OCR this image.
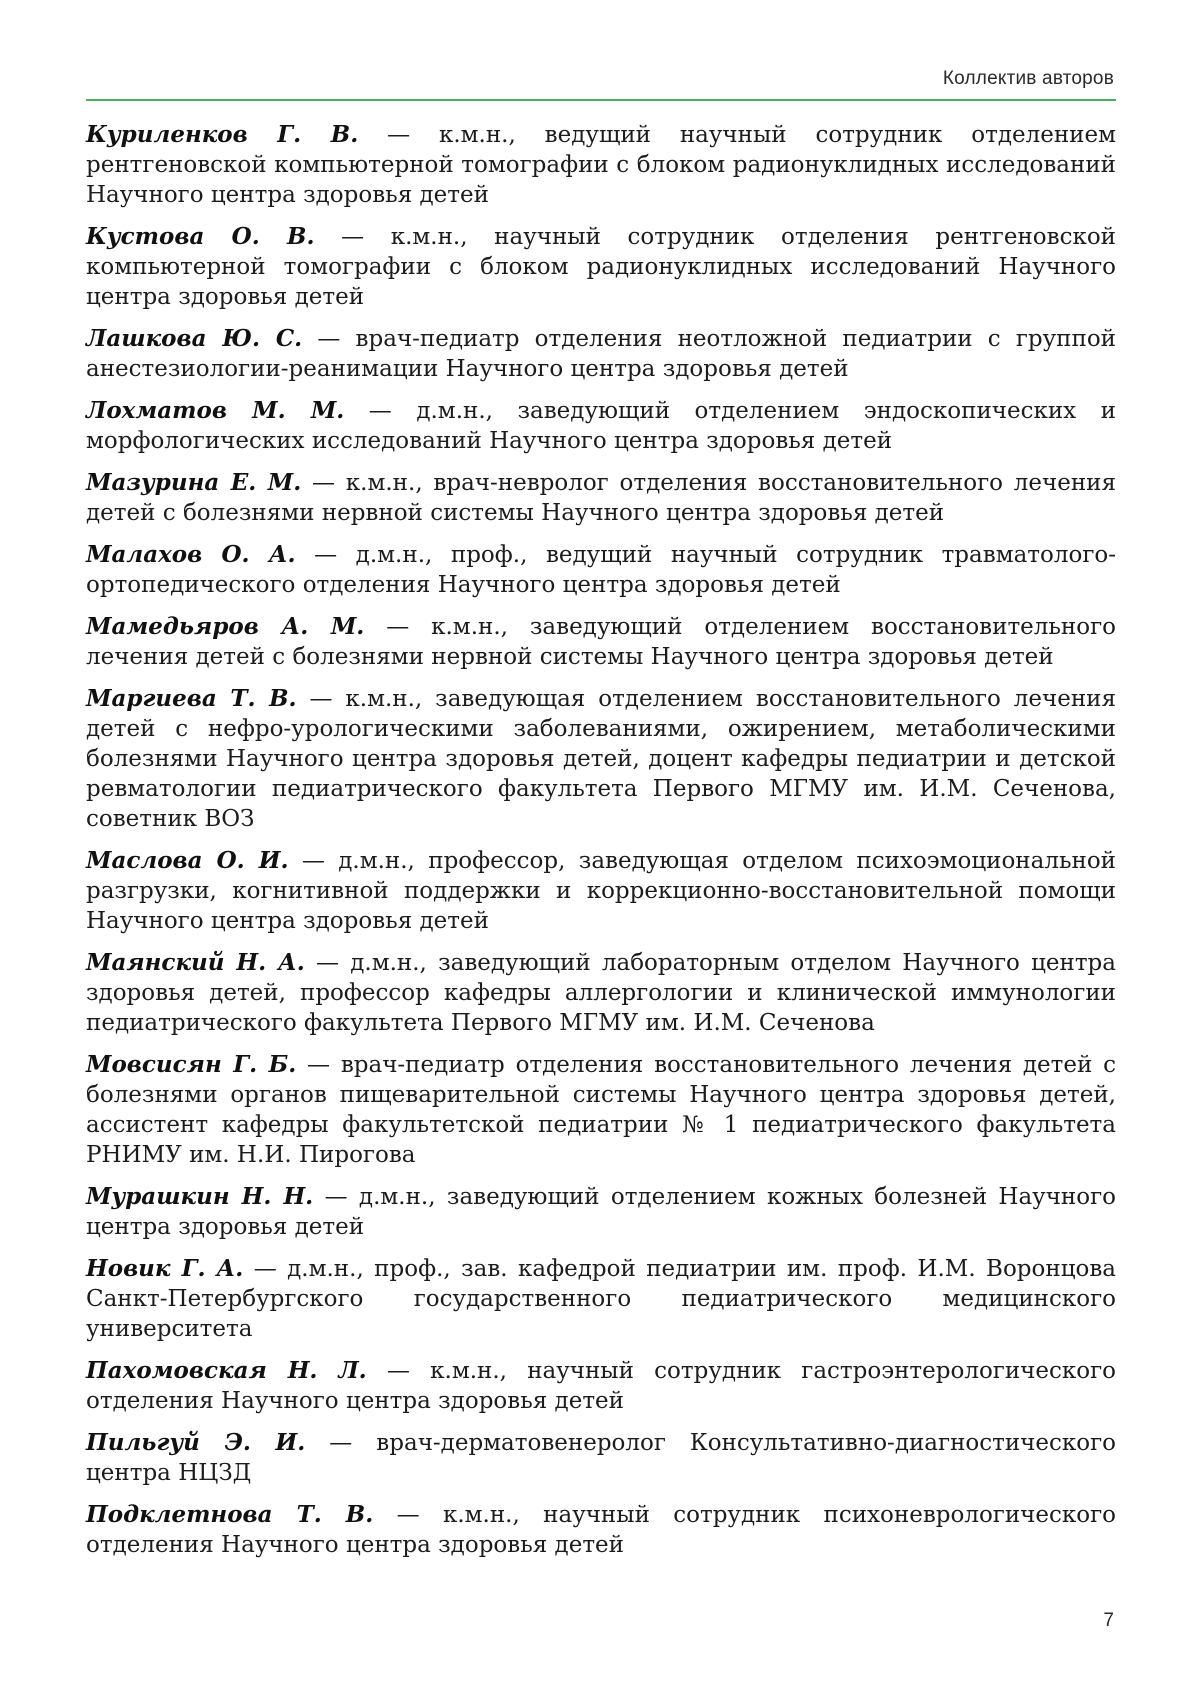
Коллектив авторов

Куриленков Г. В. — к.м.н., ведущий научный сотрудник отделением рентгеновской компьютерной томографии с блоком радионуклидных исследований Научного центра здоровья детей

Кустова О. В. — к.м.н., научный сотрудник отделения рентгеновской компьютерной томографии с блоком радионуклидных исследований Научного центра здоровья детей

Лашкова Ю. С. — врач-педиатр отделения неотложной педиатрии с группой анестезиологии-реанимации Научного центра здоровья детей

Лохматов М. М. — д.м.н., заведующий отделением эндоскопических и морфологических исследований Научного центра здоровья детей

Мазурина Е. М. — к.м.н., врач-невролог отделения восстановительного лечения детей с болезнями нервной системы Научного центра здоровья детей

Малахов О. А. — д.м.н., проф., ведущий научный сотрудник травматолого-ортопедического отделения Научного центра здоровья детей

Мамедьяров А. М. — к.м.н., заведующий отделением восстановительного лечения детей с болезнями нервной системы Научного центра здоровья детей

Маргиева Т. В. — к.м.н., заведующая отделением восстановительного лечения детей с нефро-урологическими заболеваниями, ожирением, метаболическими болезнями Научного центра здоровья детей, доцент кафедры педиатрии и детской ревматологии педиатрического факультета Первого МГМУ им. И.М. Сеченова, советник ВОЗ

Маслова О. И. — д.м.н., профессор, заведующая отделом психоэмоциональной разгрузки, когнитивной поддержки и коррекционно-восстановительной помощи Научного центра здоровья детей

Маянский Н. А. — д.м.н., заведующий лабораторным отделом Научного центра здоровья детей, профессор кафедры аллергологии и клинической иммунологии педиатрического факультета Первого МГМУ им. И.М. Сеченова

Мовсисян Г. Б. — врач-педиатр отделения восстановительного лечения детей с болезнями органов пищеварительной системы Научного центра здоровья детей, ассистент кафедры факультетской педиатрии № 1 педиатрического факультета РНИМУ им. Н.И. Пирогова

Мурашкин Н. Н. — д.м.н., заведующий отделением кожных болезней Научного центра здоровья детей

Новик Г. А. — д.м.н., проф., зав. кафедрой педиатрии им. проф. И.М. Воронцова Санкт-Петербургского государственного педиатрического медицинского университета

Пахомовская Н. Л. — к.м.н., научный сотрудник гастроэнтерологического отделения Научного центра здоровья детей

Пильгуй Э. И. — врач-дерматовенеролог Консультативно-диагностического центра НЦЗД

Подклетнова Т. В. — к.м.н., научный сотрудник психоневрологического отделения Научного центра здоровья детей

7
